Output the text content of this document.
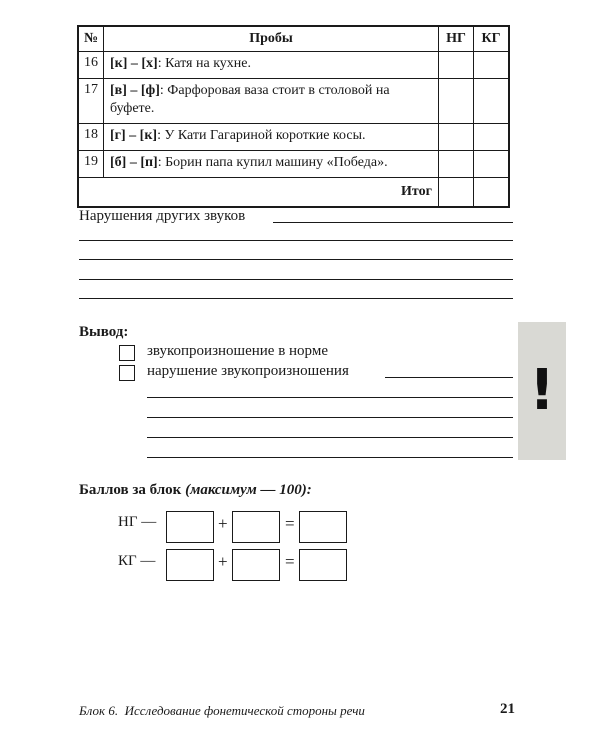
№	Пробы	НГ	КГ
16	[к] – [х]: Катя на кухне.		
17	[в] – [ф]: Фарфоровая ваза стоит в столовой на буфете.		
18	[г] – [к]: У Кати Гагариной короткие косы.		
19	[б] – [п]: Борин папа купил машину «Победа».		
Итог			
Нарушения других звуков
Вывод:
звукопроизношение в норме
нарушение звукопроизношения	!
Баллов за блок (максимум — 100):
НГ —	+	=
КГ —	+	=
Блок 6. Исследование фонетической стороны речи	21
